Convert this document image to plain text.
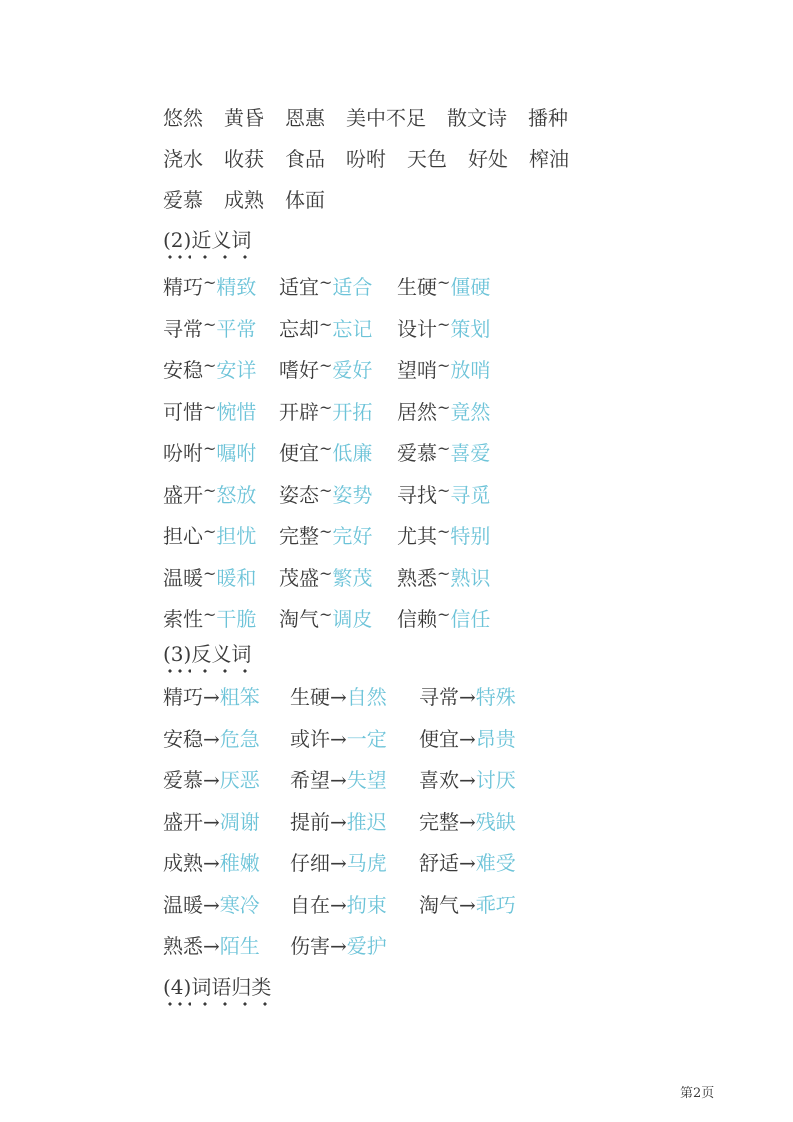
悠然 黄昏 恩惠 美中不足 散文诗 播种
浇水 收获 食品 吩咐 天色 好处 榨油
爱慕 成熟 体面
(2)
近义词
精巧~精致 适宜~适合 生硬~僵硬
寻常~平常 忘却~忘记 设计~策划
安稳~安详 嗜好~爱好 望哨~放哨
可惜~惋惜 开辟~开拓 居然~竟然
吩咐~嘱咐 便宜~低廉 爱慕~喜爱
盛开~怒放 姿态~姿势 寻找~寻觅
担心~担忧 完整~完好 尤其~特别
温暖~暖和 茂盛~繁茂 熟悉~熟识
索性~干脆 淘气~调皮 信赖~信任
(3)
反义词
精巧→粗笨 生硬→自然 寻常→特殊
安稳→危急 或许→一定 便宜→昂贵
爱慕→厌恶 希望→失望 喜欢→讨厌
盛开→凋谢 提前→推迟 完整→残缺
成熟→稚嫩 仔细→马虎 舒适→难受
温暖→寒冷 自在→拘束 淘气→乖巧
熟悉→陌生 伤害→爱护
(4)
词语归类
第2页
